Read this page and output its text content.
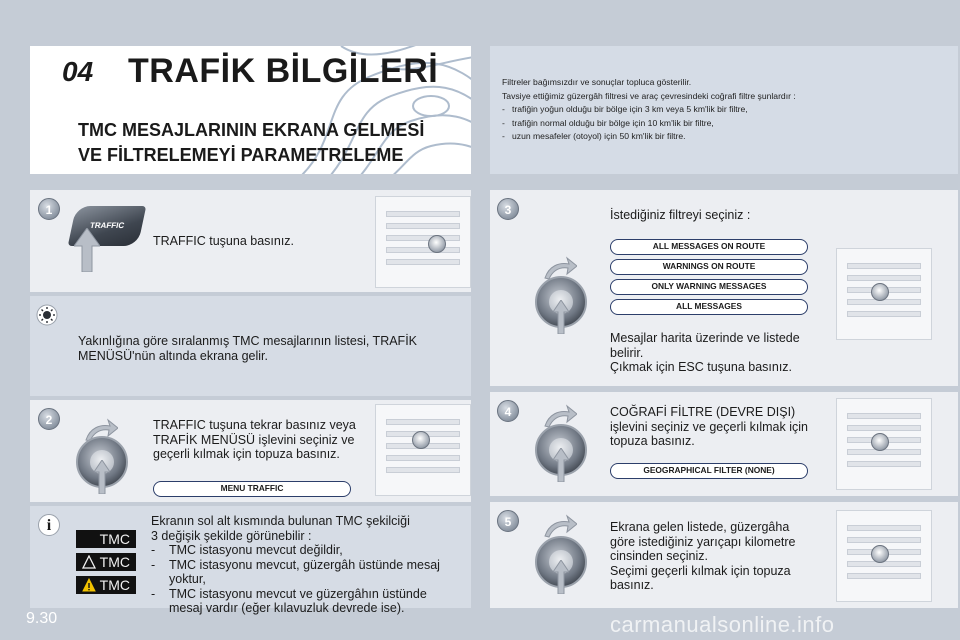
04 TRAFİK BİLGİLERİ
TMC MESAJLARININ EKRANA GELMESİ
VE FİLTRELEMEYİ PARAMETRELEME
Filtreler bağımsızdır ve sonuçlar topluca gösterilir.
Tavsiye ettiğimiz güzergâh filtresi ve araç çevresindeki coğrafi filtre şunlardır :
- trafiğin yoğun olduğu bir bölge için 3 km veya 5 km'lik bir filtre,
- trafiğin normal olduğu bir bölge için 10 km'lik bir filtre,
- uzun mesafeler (otoyol) için 50 km'lik bir filtre.
1
TRAFFIC
TRAFFIC tuşuna basınız.
Yakınlığına göre sıralanmış TMC mesajlarının listesi, TRAFİK
MENÜSÜ'nün altında ekrana gelir.
2	TRAFFIC tuşuna tekrar basınız veya
TRAFİK MENÜSÜ işlevini seçiniz ve
geçerli kılmak için topuza basınız.
MENU TRAFFIC
i
TMC
TMC
TMC
Ekranın sol alt kısmında bulunan TMC şekilciği
3 değişik şekilde görünebilir :
- TMC istasyonu mevcut değildir,
- TMC istasyonu mevcut, güzergâh üstünde mesaj
yoktur,
- TMC istasyonu mevcut ve güzergâhın üstünde
mesaj vardır (eğer kılavuzluk devrede ise).
3	İstediğiniz filtreyi seçiniz :
ALL MESSAGES ON ROUTE
WARNINGS ON ROUTE
ONLY WARNING MESSAGES
ALL MESSAGES
Mesajlar harita üzerinde ve listede
belirir.
Çıkmak için ESC tuşuna basınız.
4	COĞRAFİ FİLTRE (DEVRE DIŞI)
işlevini seçiniz ve geçerli kılmak için
topuza basınız.
GEOGRAPHICAL FILTER (NONE)
5	Ekrana gelen listede, güzergâha
göre istediğiniz yarıçapı kilometre
cinsinden seçiniz.
Seçimi geçerli kılmak için topuza
basınız.
9.30	carmanualsonline.info
